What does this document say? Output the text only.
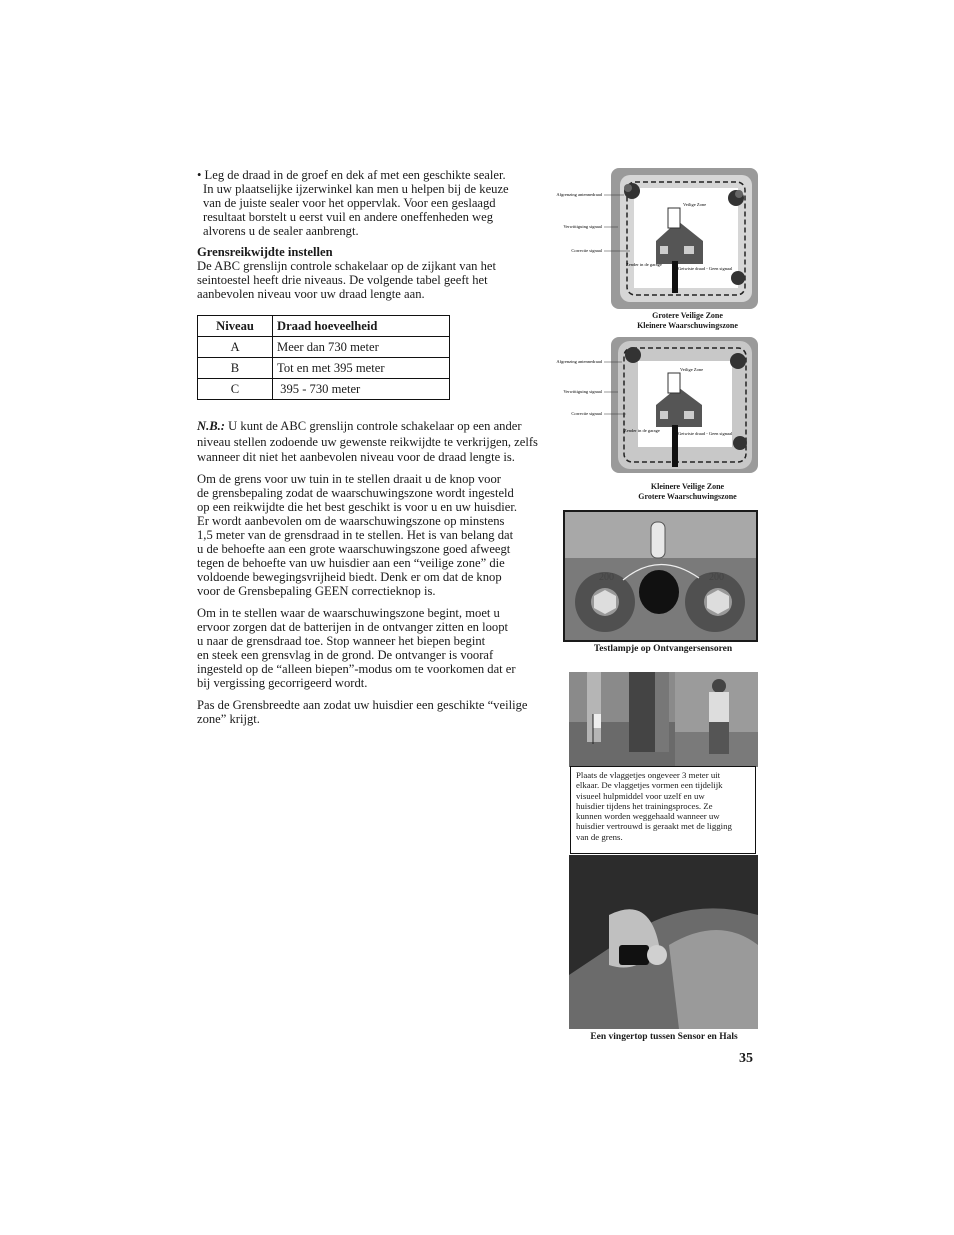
• Leg de draad in de groef en dek af met een geschikte sealer.
In uw plaatselijke ijzerwinkel kan men u helpen bij de keuze
van de juiste sealer voor het oppervlak. Voor een geslaagd
resultaat borstelt u eerst vuil en andere oneffenheden weg
alvorens u de sealer aanbrengt.
Grensreikwijdte instellen
De ABC grenslijn controle schakelaar op de zijkant van het
seintoestel heeft drie niveaus. De volgende tabel geeft het
aanbevolen niveau voor uw draad lengte aan.
Niveau	Draad hoeveelheid
A	Meer dan 730 meter
B	Tot en met 395 meter
C	395 - 730 meter
N.B.: U kunt de ABC grenslijn controle schakelaar op een ander
niveau stellen zodoende uw gewenste reikwijdte te verkrijgen, zelfs
wanneer dit niet het aanbevolen niveau voor de draad lengte is.
Om de grens voor uw tuin in te stellen draait u de knop voor
de grensbepaling zodat de waarschuwingszone wordt ingesteld
op een reikwijdte die het best geschikt is voor u en uw huisdier.
Er wordt aanbevolen om de waarschuwingszone op minstens
1,5 meter van de grensdraad in te stellen. Het is van belang dat
u de behoefte aan een grote waarschuwingszone goed afweegt
tegen de behoefte van uw huisdier aan een “veilige zone” die
voldoende bewegingsvrijheid biedt. Denk er om dat de knop
voor de Grensbepaling GEEN correctieknop is.
Om in te stellen waar de waarschuwingszone begint, moet u
ervoor zorgen dat de batterijen in de ontvanger zitten en loopt
u naar de grensdraad toe. Stop wanneer het biepen begint
en steek een grensvlag in de grond. De ontvanger is vooraf
ingesteld op de “alleen biepen”-modus om te voorkomen dat er
bij vergissing gecorrigeerd wordt.
Pas de Grensbreedte aan zodat uw huisdier een geschikte “veilige
zone” krijgt.
Afgrenzing antennedraad
Verwittiguing signaal
Correctie signaal
Veilige Zone
Zender in de garage
Getwiste draad - Geen signaal
Grotere Veilige Zone
Kleinere Waarschuwingszone
Afgrenzing antennedraad
Verwittiguing signaal
Correctie signaal
Veilige Zone
Zender in de garage
Getwiste draad - Geen signaal
Kleinere Veilige Zone
Grotere Waarschuwingszone
200	200
Testlampje op Ontvangersensoren
Plaats de vlaggetjes ongeveer 3 meter uit
elkaar. De vlaggetjes vormen een tijdelijk
visueel hulpmiddel voor uzelf en uw
huisdier tijdens het trainingsproces. Ze
kunnen worden weggehaald wanneer uw
huisdier vertrouwd is geraakt met de ligging
van de grens.
Een vingertop tussen Sensor en Hals
35
